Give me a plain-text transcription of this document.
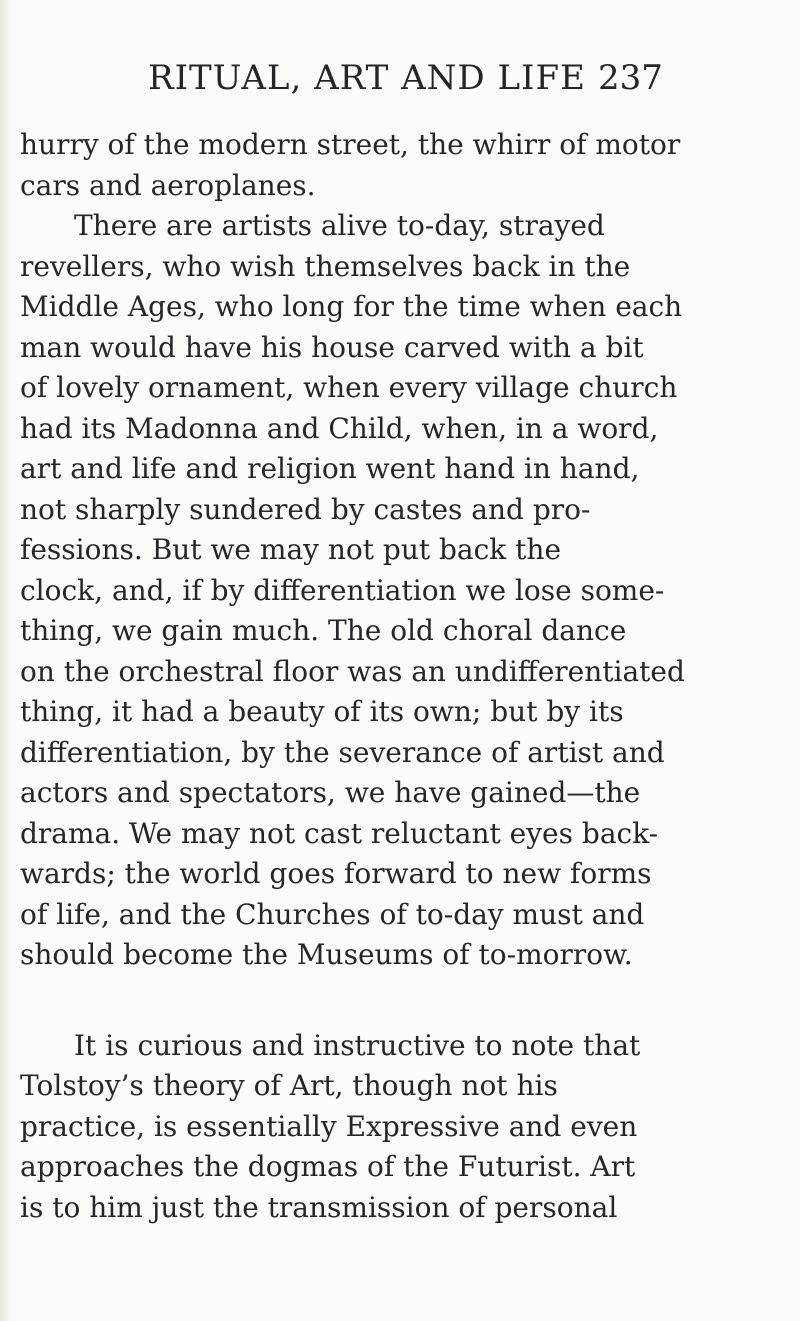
RITUAL, ART AND LIFE 237
hurry of the modern street, the whirr of motor
cars and aeroplanes.
There are artists alive to-day, strayed
revellers, who wish themselves back in the
Middle Ages, who long for the time when each
man would have his house carved with a bit
of lovely ornament, when every village church
had its Madonna and Child, when, in a word,
art and life and religion went hand in hand,
not sharply sundered by castes and pro-
fessions. But we may not put back the
clock, and, if by differentiation we lose some-
thing, we gain much. The old choral dance
on the orchestral floor was an undifferentiated
thing, it had a beauty of its own; but by its
differentiation, by the severance of artist and
actors and spectators, we have gained—the
drama. We may not cast reluctant eyes back-
wards; the world goes forward to new forms
of life, and the Churches of to-day must and
should become the Museums of to-morrow.
It is curious and instructive to note that
Tolstoy’s theory of Art, though not his
practice, is essentially Expressive and even
approaches the dogmas of the Futurist. Art
is to him just the transmission of personal
